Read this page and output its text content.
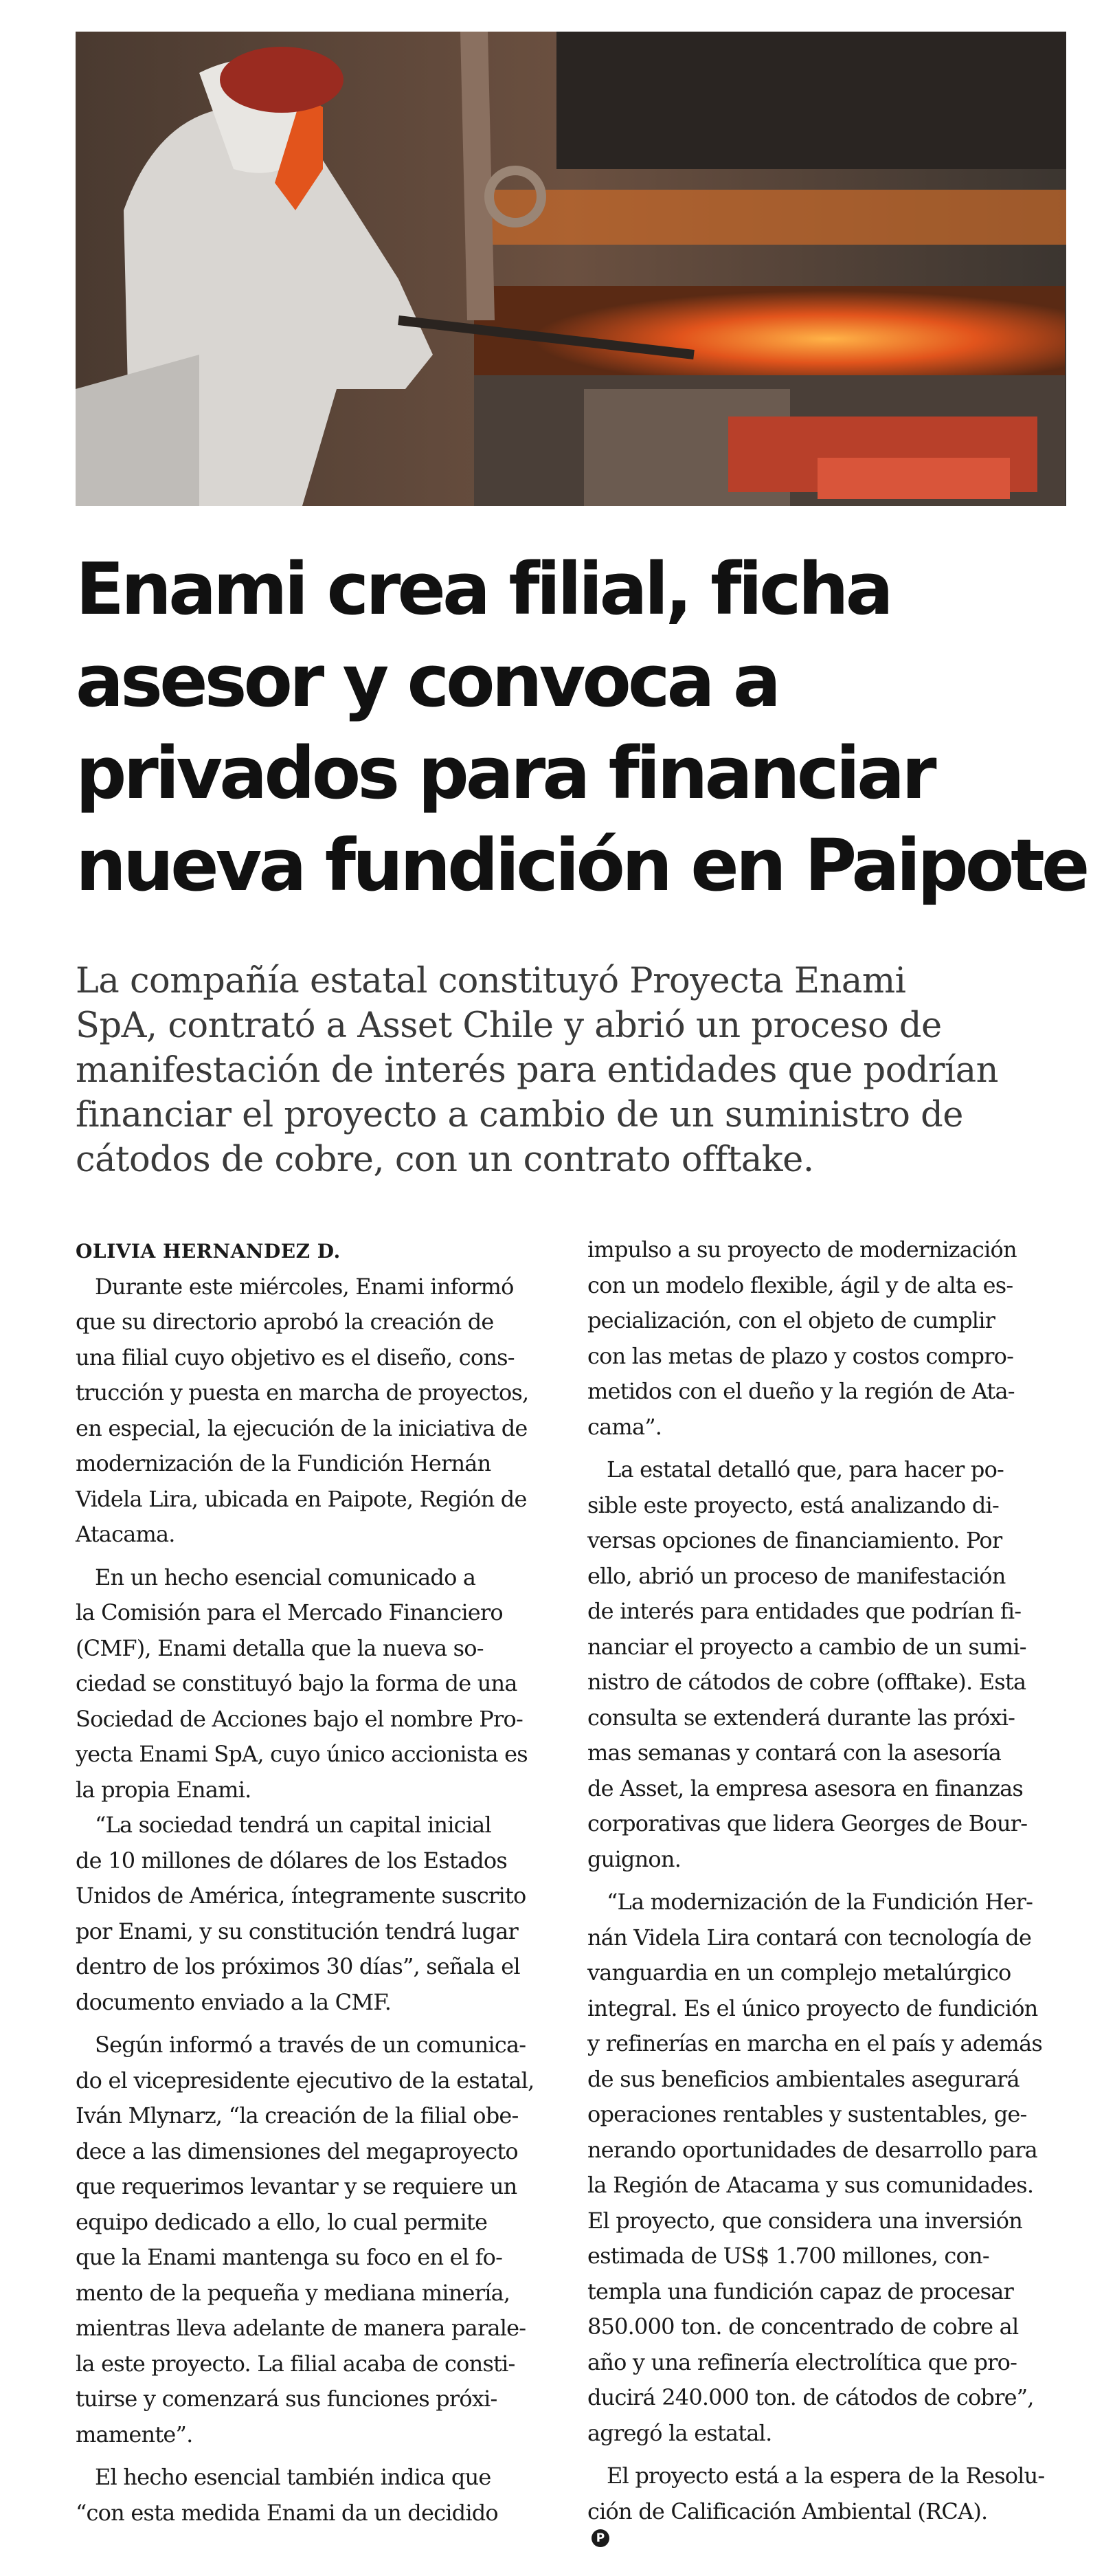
Enami crea filial, ficha
asesor y convoca a
privados para financiar
nueva fundición en Paipote
La compañía estatal constituyó Proyecta Enami
SpA, contrató a Asset Chile y abrió un proceso de
manifestación de interés para entidades que podrían
financiar el proyecto a cambio de un suministro de
cátodos de cobre, con un contrato offtake.
OLIVIA HERNANDEZ D.
Durante este miércoles, Enami informó
que su directorio aprobó la creación de
una filial cuyo objetivo es el diseño, cons-
trucción y puesta en marcha de proyectos,
en especial, la ejecución de la iniciativa de
modernización de la Fundición Hernán
Videla Lira, ubicada en Paipote, Región de
Atacama.
En un hecho esencial comunicado a
la Comisión para el Mercado Financiero
(CMF), Enami detalla que la nueva so-
ciedad se constituyó bajo la forma de una
Sociedad de Acciones bajo el nombre Pro-
yecta Enami SpA, cuyo único accionista es
la propia Enami.
“La sociedad tendrá un capital inicial
de 10 millones de dólares de los Estados
Unidos de América, íntegramente suscrito
por Enami, y su constitución tendrá lugar
dentro de los próximos 30 días”, señala el
documento enviado a la CMF.
Según informó a través de un comunica-
do el vicepresidente ejecutivo de la estatal,
Iván Mlynarz, “la creación de la filial obe-
dece a las dimensiones del megaproyecto
que requerimos levantar y se requiere un
equipo dedicado a ello, lo cual permite
que la Enami mantenga su foco en el fo-
mento de la pequeña y mediana minería,
mientras lleva adelante de manera parale-
la este proyecto. La filial acaba de consti-
tuirse y comenzará sus funciones próxi-
mamente”.
El hecho esencial también indica que
“con esta medida Enami da un decidido
impulso a su proyecto de modernización
con un modelo flexible, ágil y de alta es-
pecialización, con el objeto de cumplir
con las metas de plazo y costos compro-
metidos con el dueño y la región de Ata-
cama”.
La estatal detalló que, para hacer po-
sible este proyecto, está analizando di-
versas opciones de financiamiento. Por
ello, abrió un proceso de manifestación
de interés para entidades que podrían fi-
nanciar el proyecto a cambio de un sumi-
nistro de cátodos de cobre (offtake). Esta
consulta se extenderá durante las próxi-
mas semanas y contará con la asesoría
de Asset, la empresa asesora en finanzas
corporativas que lidera Georges de Bour-
guignon.
“La modernización de la Fundición Her-
nán Videla Lira contará con tecnología de
vanguardia en un complejo metalúrgico
integral. Es el único proyecto de fundición
y refinerías en marcha en el país y además
de sus beneficios ambientales asegurará
operaciones rentables y sustentables, ge-
nerando oportunidades de desarrollo para
la Región de Atacama y sus comunidades.
El proyecto, que considera una inversión
estimada de US$ 1.700 millones, con-
templa una fundición capaz de procesar
850.000 ton. de concentrado de cobre al
año y una refinería electrolítica que pro-
ducirá 240.000 ton. de cátodos de cobre”,
agregó la estatal.
El proyecto está a la espera de la Resolu-
ción de Calificación Ambiental (RCA).
P
